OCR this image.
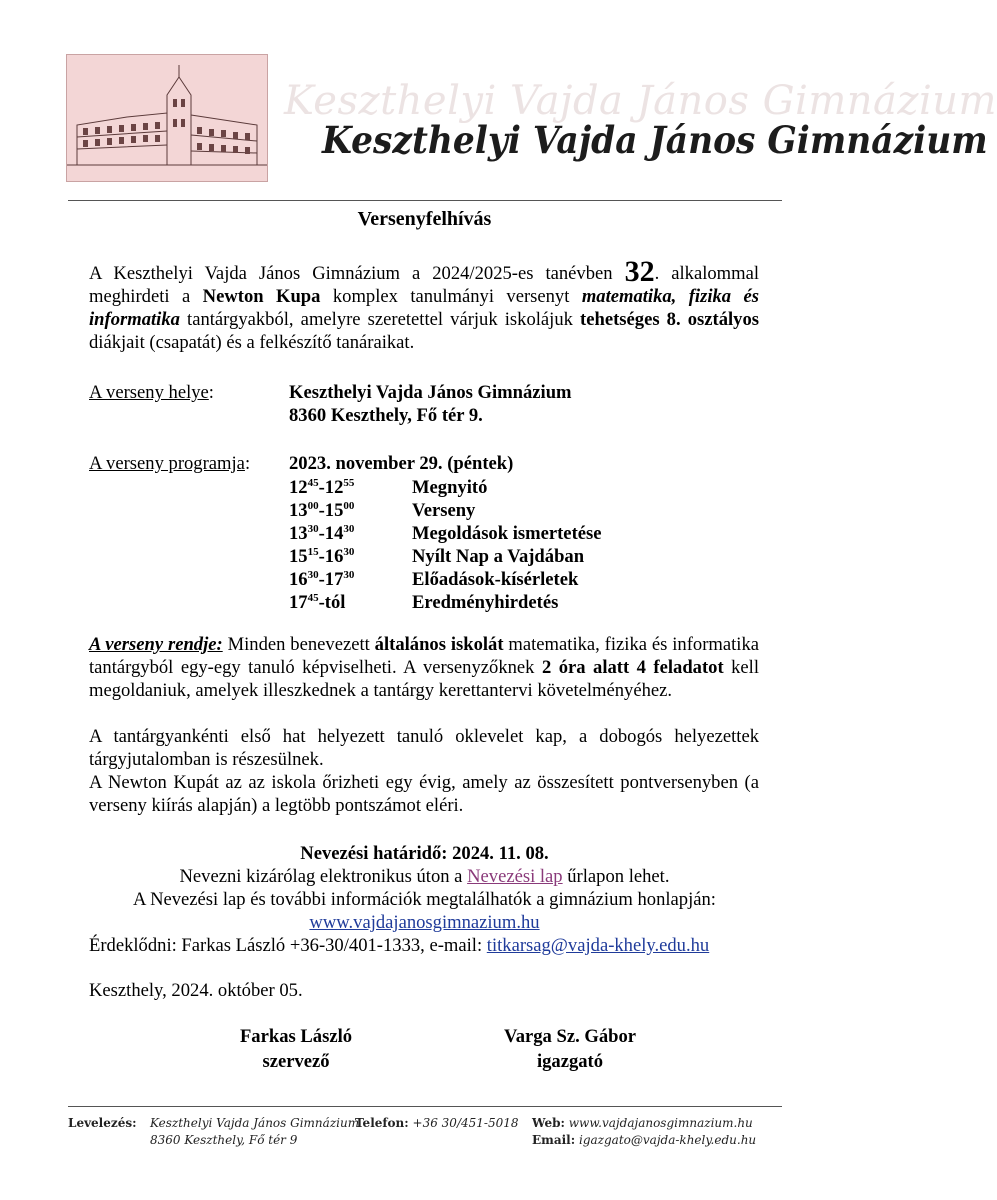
Keszthelyi Vajda János Gimnázium
Keszthelyi Vajda János Gimnázium
Versenyfelhívás
A Keszthelyi Vajda János Gimnázium a 2024/2025-es tanévben 32. alkalommal meghirdeti a Newton Kupa komplex tanulmányi versenyt matematika, fizika és informatika tantárgyakból, amelyre szeretettel várjuk iskolájuk tehetséges 8. osztályos diákjait (csapatát) és a felkészítő tanáraikat.
A verseny helye:	Keszthelyi Vajda János Gimnázium
8360 Keszthely, Fő tér 9.
A verseny programja: 2023. november 29. (péntek)
$12^{45}-12^{55}$	Megnyitó
$13^{00}-15^{00}$	Verseny
$13^{30}-14^{30}$	Megoldások ismertetése
$15^{15}-16^{30}$	Nyílt Nap a Vajdában
$16^{30}-17^{30}$	Előadások-kísérletek
$17^{45}$-tól	Eredményhirdetés
A verseny rendje: Minden benevezett általános iskolát matematika, fizika és informatika tantárgyból egy-egy tanuló képviselheti. A versenyzőknek 2 óra alatt 4 feladatot kell megoldaniuk, amelyek illeszkednek a tantárgy kerettantervi követelményéhez.
A tantárgyankénti első hat helyezett tanuló oklevelet kap, a dobogós helyezettek tárgyjutalomban is részesülnek.
A Newton Kupát az az iskola őrizheti egy évig, amely az összesített pontversenyben (a verseny kiírás alapján) a legtöbb pontszámot eléri.
Nevezési határidő: 2024. 11. 08.
Nevezni kizárólag elektronikus úton a Nevezési lap űrlapon lehet.
A Nevezési lap és további információk megtalálhatók a gimnázium honlapján:
www.vajdajanosgimnazium.hu
Érdeklődni: Farkas László +36-30/401-1333, e-mail: titkarsag@vajda-khely.edu.hu
Keszthely, 2024. október 05.
Farkas László
szervező
Varga Sz. Gábor
igazgató
Levelezés: Keszthelyi Vajda János Gimnázium
8360 Keszthely, Fő tér 9
Telefon: +36 30/451-5018 Web: www.vajdajanosgimnazium.hu
Email: igazgato@vajda-khely.edu.hu
